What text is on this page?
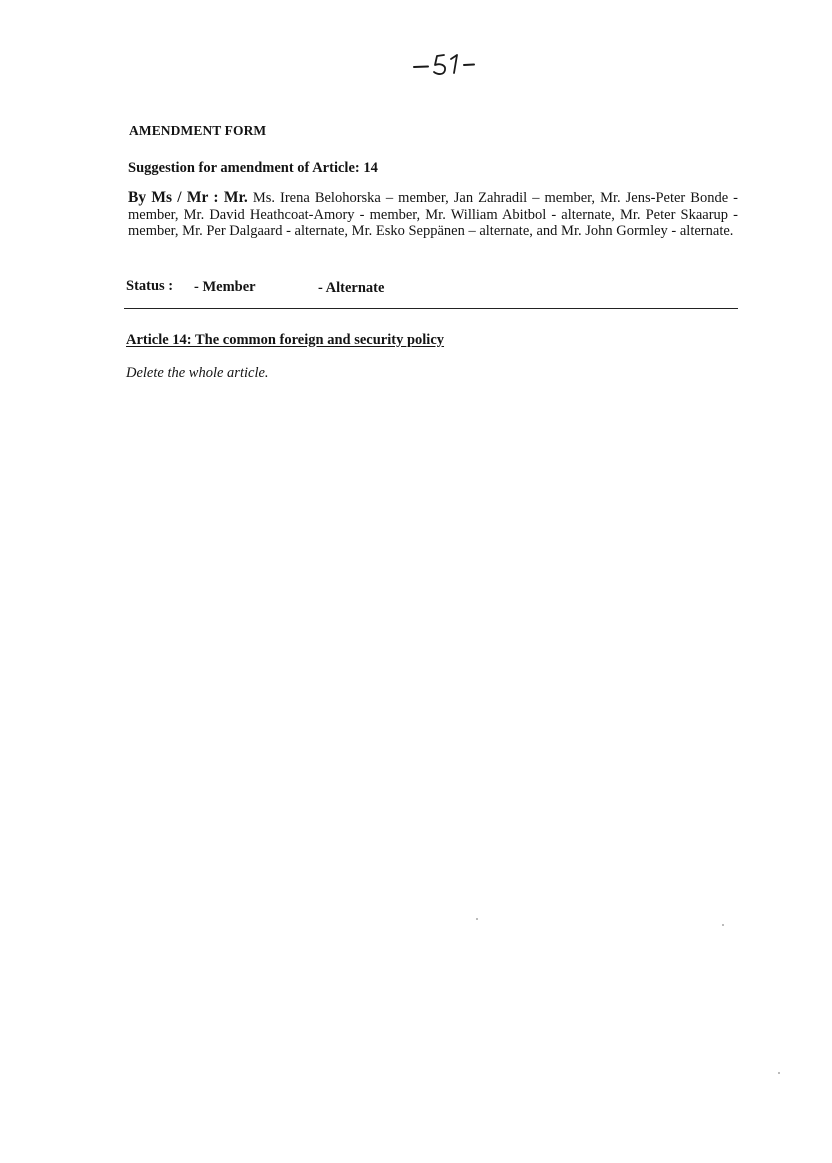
AMENDMENT FORM
Suggestion for amendment of Article: 14
By Ms / Mr : Mr. Ms. Irena Belohorska – member, Jan Zahradil – member, Mr. Jens-Peter Bonde - member, Mr. David Heathcoat-Amory - member, Mr. William Abitbol - alternate, Mr. Peter Skaarup - member, Mr. Per Dalgaard - alternate, Mr. Esko Seppänen – alternate, and Mr. John Gormley - alternate.
Status : - Member	- Alternate
Article 14: The common foreign and security policy
Delete the whole article.
